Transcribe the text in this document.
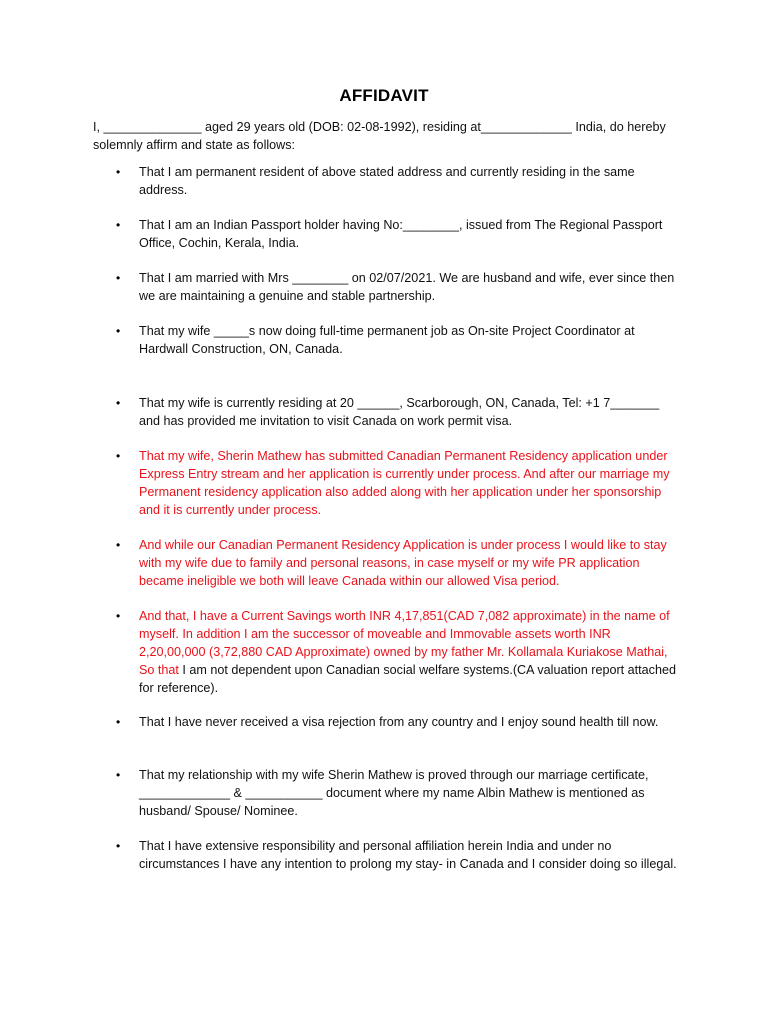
AFFIDAVIT
I, ______________ aged 29 years old (DOB: 02-08-1992), residing at_____________ India, do hereby solemnly affirm and state as follows:
•	That I am permanent resident of above stated address and currently residing in the same address.
•	That I am an Indian Passport holder having No:________, issued from The Regional Passport Office, Cochin, Kerala, India.
•	That I am married with Mrs ________ on 02/07/2021. We are husband and wife, ever since then we are maintaining a genuine and stable partnership.
•	That my wife _____s now doing full-time permanent job as On-site Project Coordinator at Hardwall Construction, ON, Canada.
•	That my wife is currently residing at 20 ______, Scarborough, ON, Canada, Tel: +1 7_______ and has provided me invitation to visit Canada on work permit visa.
•	That my wife, Sherin Mathew has submitted Canadian Permanent Residency application under Express Entry stream and her application is currently under process. And after our marriage my Permanent residency application also added along with her application under her sponsorship and it is currently under process.
•	And while our Canadian Permanent Residency Application is under process I would like to stay with my wife due to family and personal reasons, in case myself or my wife PR application became ineligible we both will leave Canada within our allowed Visa period.
•	And that, I have a Current Savings worth INR 4,17,851(CAD 7,082 approximate) in the name of myself. In addition I am the successor of moveable and Immovable assets worth INR 2,20,00,000 (3,72,880 CAD Approximate) owned by my father Mr. Kollamala Kuriakose Mathai, So that I am not dependent upon Canadian social welfare systems.(CA valuation report attached for reference).
•	That I have never received a visa rejection from any country and I enjoy sound health till now.
•	That my relationship with my wife Sherin Mathew is proved through our marriage certificate, _____________ & ___________ document where my name Albin Mathew is mentioned as husband/ Spouse/ Nominee.
•	That I have extensive responsibility and personal affiliation herein India and under no circumstances I have any intention to prolong my stay- in Canada and I consider doing so illegal.
